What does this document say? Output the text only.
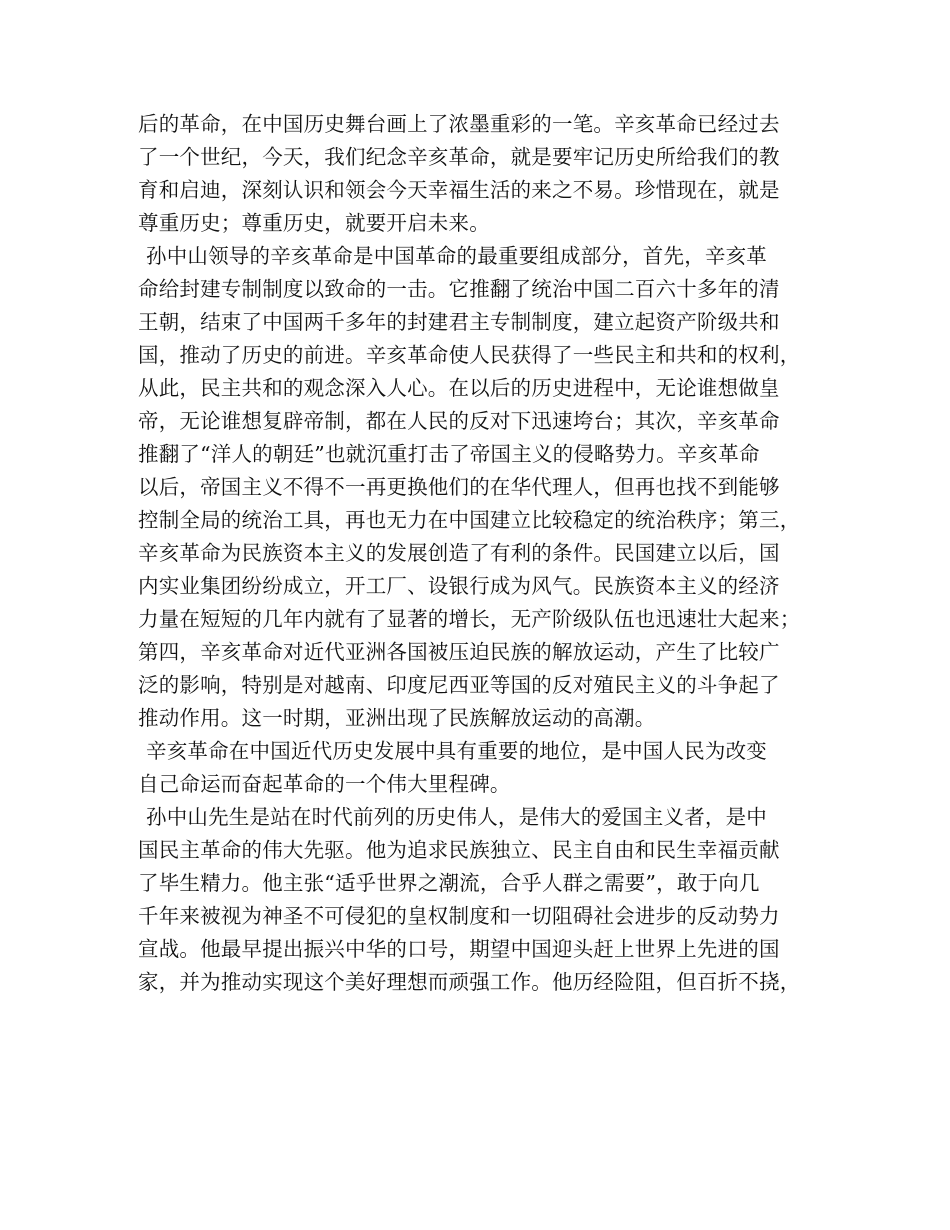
后的革命，在中国历史舞台画上了浓墨重彩的一笔。辛亥革命已经过去
了一个世纪，今天，我们纪念辛亥革命，就是要牢记历史所给我们的教
育和启迪，深刻认识和领会今天幸福生活的来之不易。珍惜现在，就是
尊重历史；尊重历史，就要开启未来。
孙中山领导的辛亥革命是中国革命的最重要组成部分，首先，辛亥革
命给封建专制制度以致命的一击。它推翻了统治中国二百六十多年的清
王朝，结束了中国两千多年的封建君主专制制度，建立起资产阶级共和
国，推动了历史的前进。辛亥革命使人民获得了一些民主和共和的权利，
从此，民主共和的观念深入人心。在以后的历史进程中，无论谁想做皇
帝，无论谁想复辟帝制，都在人民的反对下迅速垮台；其次，辛亥革命
推翻了“洋人的朝廷”也就沉重打击了帝国主义的侵略势力。辛亥革命
以后，帝国主义不得不一再更换他们的在华代理人，但再也找不到能够
控制全局的统治工具，再也无力在中国建立比较稳定的统治秩序；第三，
辛亥革命为民族资本主义的发展创造了有利的条件。民国建立以后，国
内实业集团纷纷成立，开工厂、设银行成为风气。民族资本主义的经济
力量在短短的几年内就有了显著的增长，无产阶级队伍也迅速壮大起来；
第四，辛亥革命对近代亚洲各国被压迫民族的解放运动，产生了比较广
泛的影响，特别是对越南、印度尼西亚等国的反对殖民主义的斗争起了
推动作用。这一时期，亚洲出现了民族解放运动的高潮。
辛亥革命在中国近代历史发展中具有重要的地位，是中国人民为改变
自己命运而奋起革命的一个伟大里程碑。
孙中山先生是站在时代前列的历史伟人，是伟大的爱国主义者，是中
国民主革命的伟大先驱。他为追求民族独立、民主自由和民生幸福贡献
了毕生精力。他主张“适乎世界之潮流，合乎人群之需要”，敢于向几
千年来被视为神圣不可侵犯的皇权制度和一切阻碍社会进步的反动势力
宣战。他最早提出振兴中华的口号，期望中国迎头赶上世界上先进的国
家，并为推动实现这个美好理想而顽强工作。他历经险阻，但百折不挠，
